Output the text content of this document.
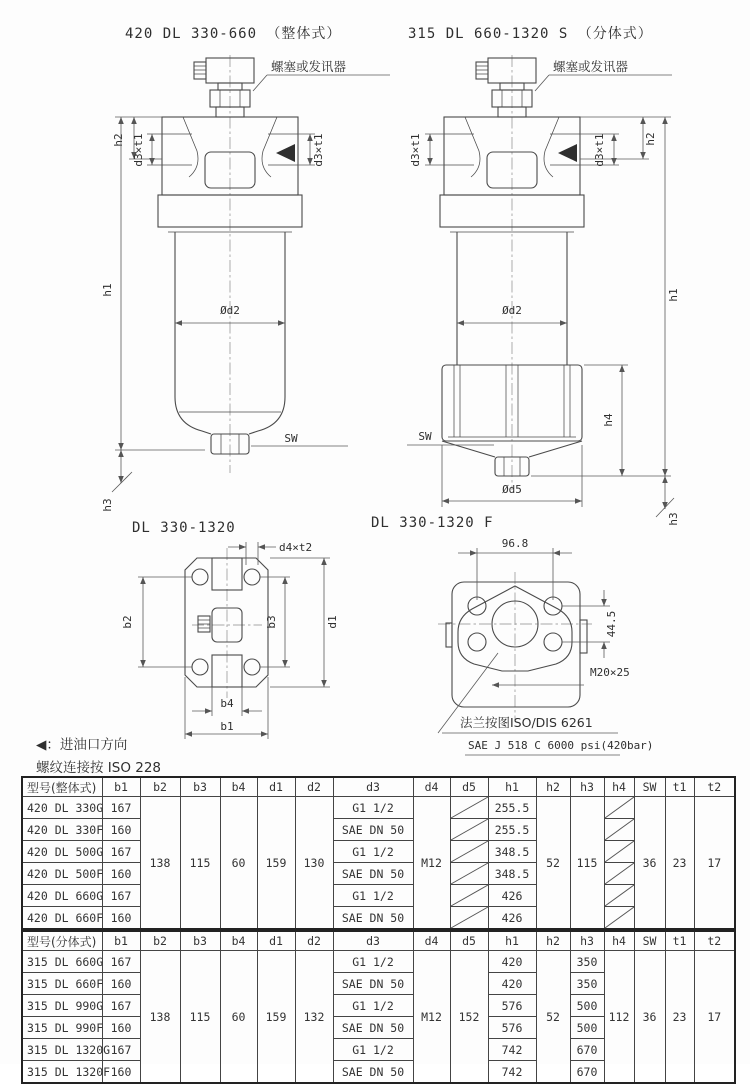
420 DL 330-660 （整体式）	315 DL 660-1320 S （分体式）
DL 330-1320	DL 330-1320 F
螺塞或发讯器
h2 d3×t1	d3×t1
h1
h3
Ød2
SW
螺塞或发讯器
SW
Ød2
Ød5
h4
h2
h1
h3
d3×t1	d3×t1
d4×t2
b2	b3	d1
b4
b1
96.8
44.5
M20×25
法兰按图ISO/DIS 6261
SAE J 518 C 6000 psi(420bar)
◀：进油口方向
螺纹连接按 ISO 228
型号(整体式)	b1	b2	b3	b4	d1	d2	d3	d4	d5	h1	h2	h3	h4	SW	t1	t2
420 DL 330G	167	138	115	60	159	130	G1 1/2	M12		255.5	52	115		36	23	17
420 DL 330F	160						SAE DN 50			255.5	

420 DL 500G	167						G1 1/2			348.5	

420 DL 500F	160						SAE DN 50			348.5	

420 DL 660G	167						G1 1/2			426	

420 DL 660F	160						SAE DN 50			426	
型号(分体式)	b1	b2	b3	b4	d1	d2	d3	d4	d5	h1	h2	h3	h4	SW	t1	t2
315 DL 660G	167	138	115	60	159	132	G1 1/2	M12	152	420	52	350	112	36	23	17
315 DL 660F	160						SAE DN 50			420		350				
315 DL 990G	167						G1 1/2			576		500				
315 DL 990F	160						SAE DN 50			576		500				
315 DL 1320G	167						G1 1/2			742		670				
315 DL 1320F	160						SAE DN 50			742		670				
